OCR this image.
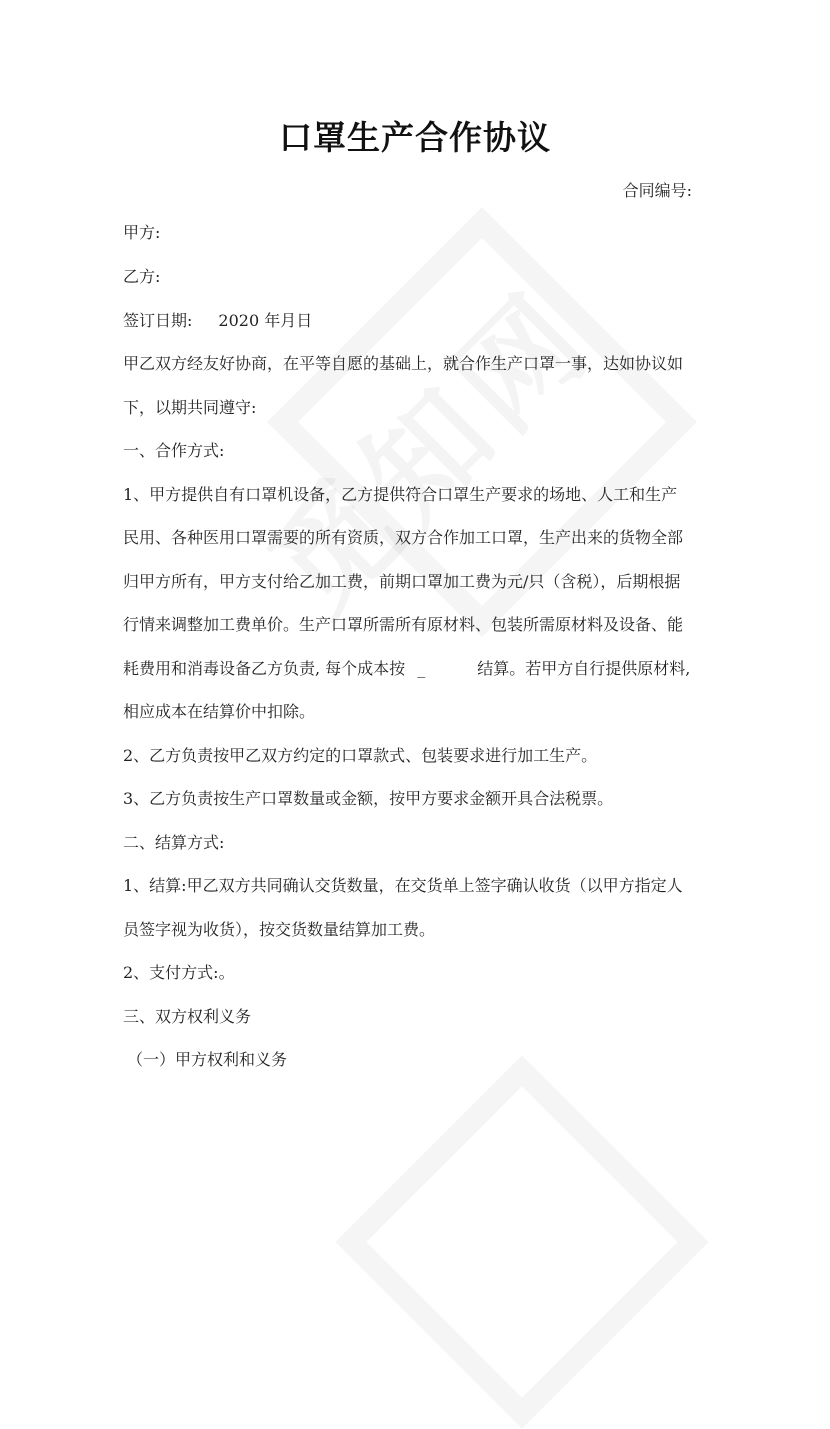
口罩生产合作协议
合同编号:
甲方:
乙方:
签订日期: 2020 年月日
甲乙双方经友好协商，在平等自愿的基础上，就合作生产口罩一事，达如协议如
下，以期共同遵守:
一、合作方式:
1、甲方提供自有口罩机设备，乙方提供符合口罩生产要求的场地、人工和生产
民用、各种医用口罩需要的所有资质，双方合作加工口罩，生产出来的货物全部
归甲方所有，甲方支付给乙加工费，前期口罩加工费为元/只（含税），后期根据
行情来调整加工费单价。生产口罩所需所有原材料、包装所需原材料及设备、能
耗费用和消毒设备乙方负责, 每个成本按 _	结算。若甲方自行提供原材料,
相应成本在结算价中扣除。
2、乙方负责按甲乙双方约定的口罩款式、包装要求进行加工生产。
3、乙方负责按生产口罩数量或金额，按甲方要求金额开具合法税票。
二、结算方式:
1、结算:甲乙双方共同确认交货数量，在交货单上签字确认收货（以甲方指定人
员签字视为收货），按交货数量结算加工费。
2、支付方式:。
三、双方权利义务
（一）甲方权利和义务
